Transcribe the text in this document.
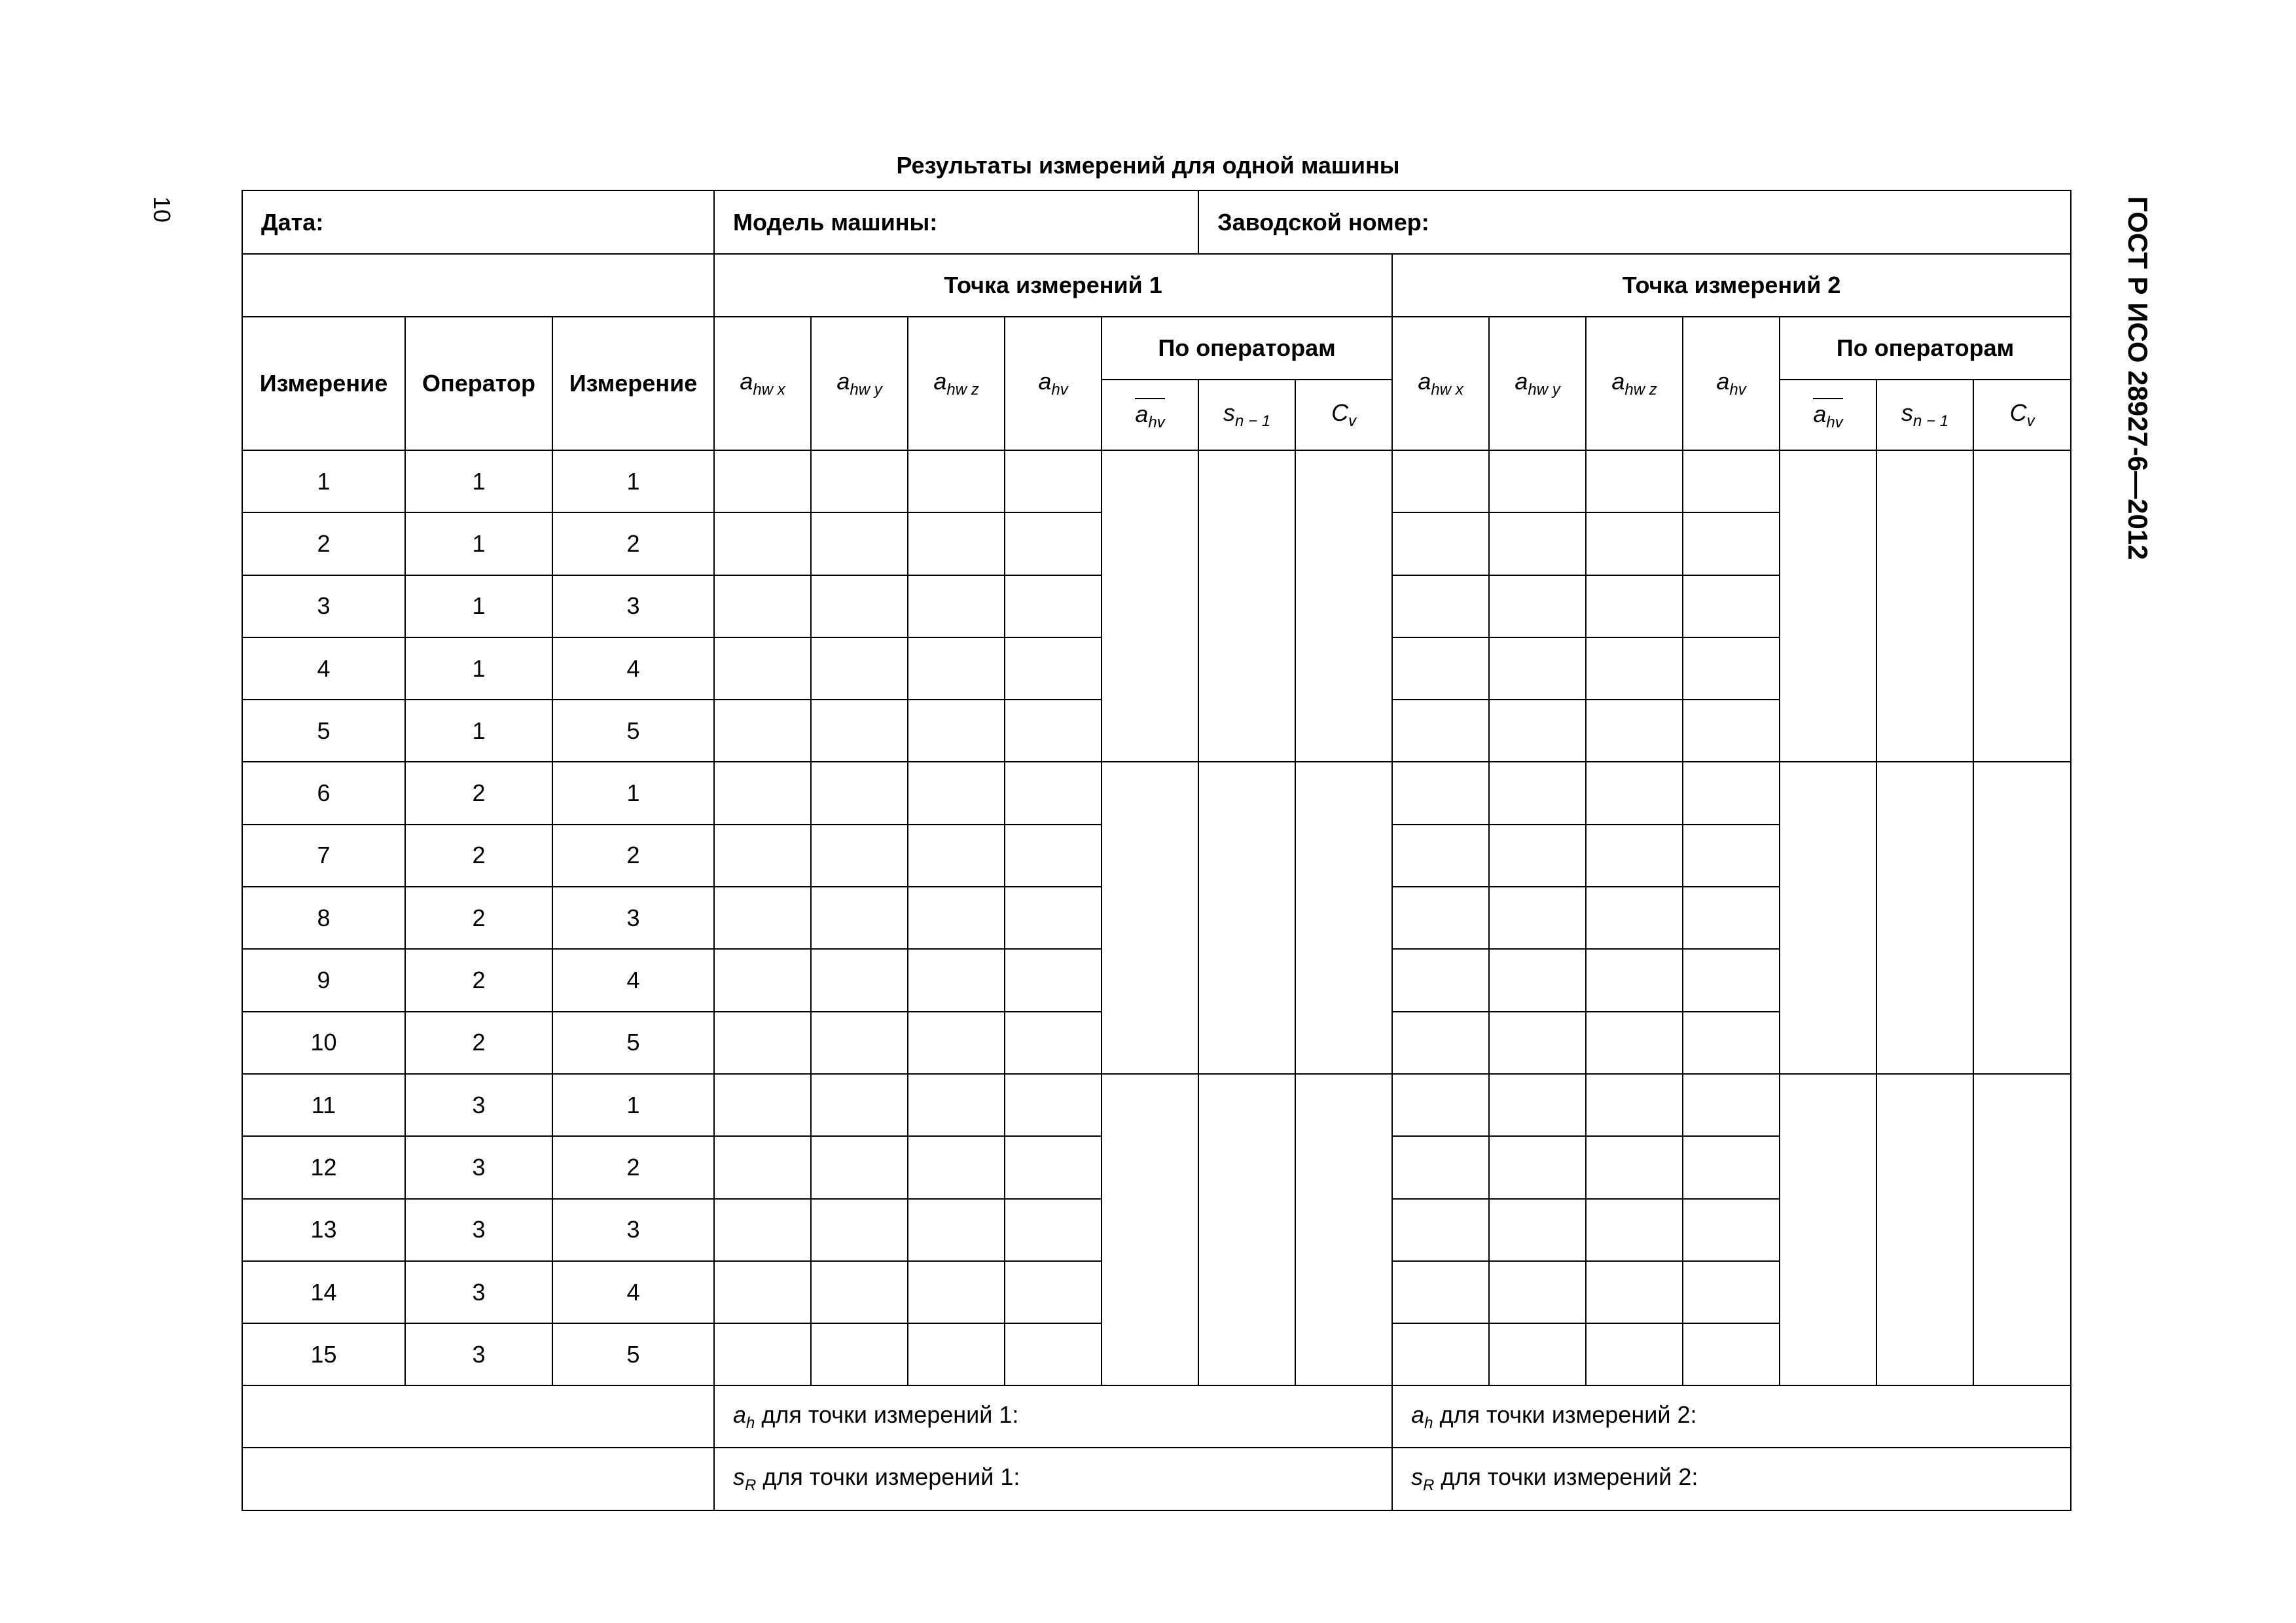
Результаты измерений для одной машины
10	ГОСТ Р ИСО 28927-6—2012
Дата:			Модель машины:					Заводской номер:								
			Точка измерений 1							Точка измерений 2						
Измерение	Оператор	Измерение	$a_{hw x}$	$a_{hw y}$	$a_{hw z}$	$a_{hv}$	По операторам			$a_{hw x}$	$a_{hw y}$	$a_{hw z}$	$a_{hv}$	По операторам		
							$a_{hv}$	$s_{n - 1}$	$C_v$					$a_{hv}$	$s_{n - 1}$	$C_v$
1	1	1														
2	1	2														
3	1	3														
4	1	4														
5	1	5														
6	2	1														
7	2	2														
8	2	3														
9	2	4														
10	2	5														
11	3	1														
12	3	2														
13	3	3														
14	3	4														
15	3	5														
			$a_h$ для точки измерений 1:							$a_h$ для точки измерений 2:						
			$s_R$ для точки измерений 1:							$s_R$ для точки измерений 2:						
